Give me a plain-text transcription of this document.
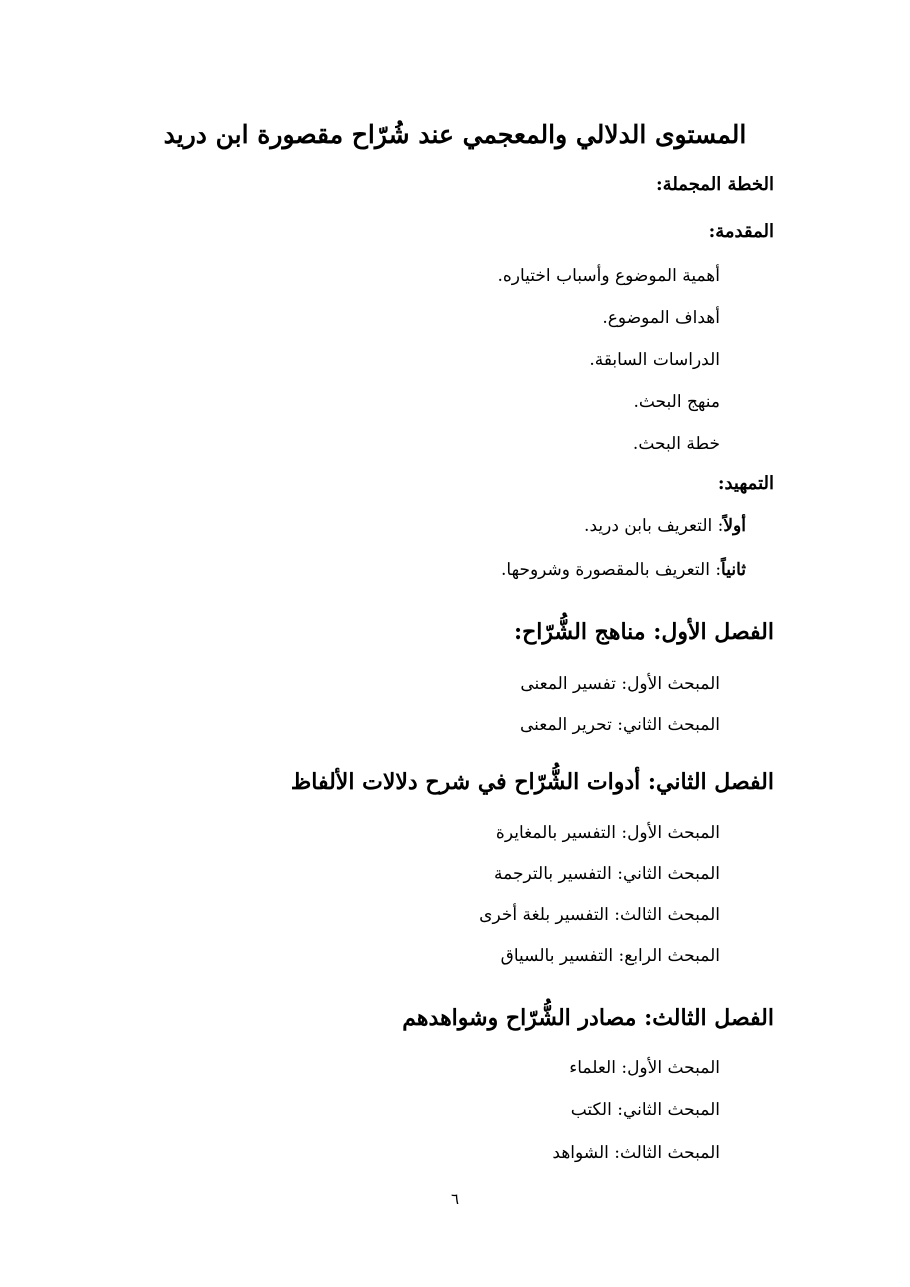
المستوى الدلالي والمعجمي عند شُرّاح مقصورة ابن دريد
الخطة المجملة:
المقدمة:
أهمية الموضوع وأسباب اختياره.
أهداف الموضوع.
الدراسات السابقة.
منهج البحث.
خطة البحث.
التمهيد:
أولاً: التعريف بابن دريد.
ثانياً: التعريف بالمقصورة وشروحها.
الفصل الأول: مناهج الشُّرّاح:
المبحث الأول: تفسير المعنى
المبحث الثاني: تحرير المعنى
الفصل الثاني: أدوات الشُّرّاح في شرح دلالات الألفاظ
المبحث الأول: التفسير بالمغايرة
المبحث الثاني: التفسير بالترجمة
المبحث الثالث: التفسير بلغة أخرى
المبحث الرابع: التفسير بالسياق
الفصل الثالث: مصادر الشُّرّاح وشواهدهم
المبحث الأول: العلماء
المبحث الثاني: الكتب
المبحث الثالث: الشواهد
٦
